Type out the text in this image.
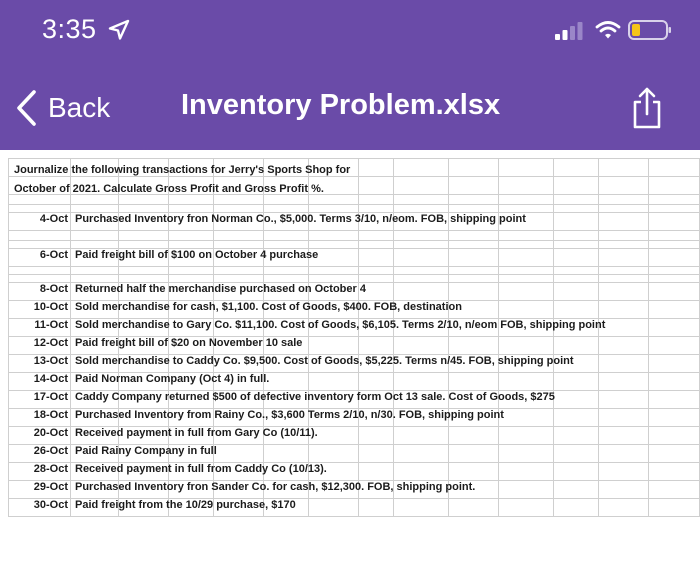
3:35
Back Inventory Problem.xlsx
Journalize the following transactions for Jerry's Sports Shop for
October of 2021. Calculate Gross Profit and Gross Profit %.
4-Oct Purchased Inventory fron Norman Co., $5,000. Terms 3/10, n/eom. FOB, shipping point
6-Oct Paid freight bill of $100 on October 4 purchase
8-Oct Returned half the merchandise purchased on October 4
10-Oct Sold merchandise for cash, $1,100. Cost of Goods, $400. FOB, destination
11-Oct Sold merchandise to Gary Co. $11,100. Cost of Goods, $6,105. Terms 2/10, n/eom FOB, shipping point
12-Oct Paid freight bill of $20 on November 10 sale
13-Oct Sold merchandise to Caddy Co. $9,500. Cost of Goods, $5,225. Terms n/45. FOB, shipping point
14-Oct Paid Norman Company (Oct 4) in full.
17-Oct Caddy Company returned $500 of defective inventory form Oct 13 sale. Cost of Goods, $275
18-Oct Purchased Inventory from Rainy Co., $3,600 Terms 2/10, n/30. FOB, shipping point
20-Oct Received payment in full from Gary Co (10/11).
26-Oct Paid Rainy Company in full
28-Oct Received payment in full from Caddy Co (10/13).
29-Oct Purchased Inventory fron Sander Co. for cash, $12,300. FOB, shipping point.
30-Oct Paid freight from the 10/29 purchase, $170
